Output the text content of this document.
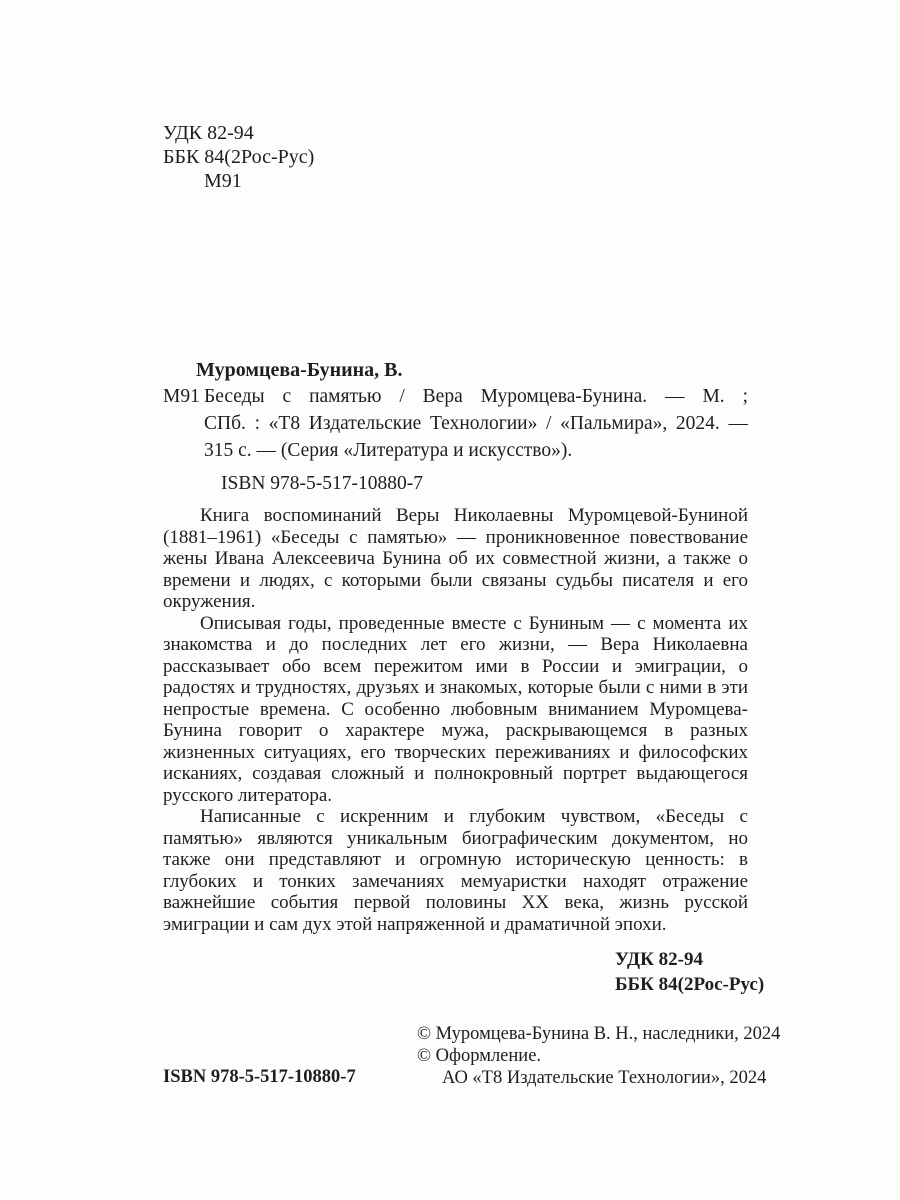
УДК 82-94
ББК 84(2Рос-Рус)
М91
Муромцева-Бунина, В.
М91 Беседы с памятью / Вера Муромцева-Бунина. — М. ;
СПб. : «Т8 Издательские Технологии» / «Пальмира», 2024. —
315 с. — (Серия «Литература и искусство»).
ISBN 978-5-517-10880-7

Книга воспоминаний Веры Николаевны Муромцевой-Буниной (1881–1961) «Беседы с памятью» — проникновенное повествование жены Ивана Алексеевича Бунина об их совместной жизни, а также о времени и людях, с которыми были связаны судьбы писателя и его окружения.

Описывая годы, проведенные вместе с Буниным — с момента их знакомства и до последних лет его жизни, — Вера Николаевна рассказывает обо всем пережитом ими в России и эмиграции, о радостях и трудностях, друзьях и знакомых, которые были с ними в эти непростые времена. С особенно любовным вниманием Муромцева-Бунина говорит о характере мужа, раскрывающемся в разных жизненных ситуациях, его творческих переживаниях и философских исканиях, создавая сложный и полнокровный портрет выдающегося русского литератора.

Написанные с искренним и глубоким чувством, «Беседы с памятью» являются уникальным биографическим документом, но также они представляют и огромную историческую ценность: в глубоких и тонких замечаниях мемуаристки находят отражение важнейшие события первой половины XX века, жизнь русской эмиграции и сам дух этой напряженной и драматичной эпохи.

УДК 82-94
ББК 84(2Рос-Рус)
ISBN 978-5-517-10880-7
© Муромцева-Бунина В. Н., наследники, 2024
© Оформление.
АО «Т8 Издательские Технологии», 2024
